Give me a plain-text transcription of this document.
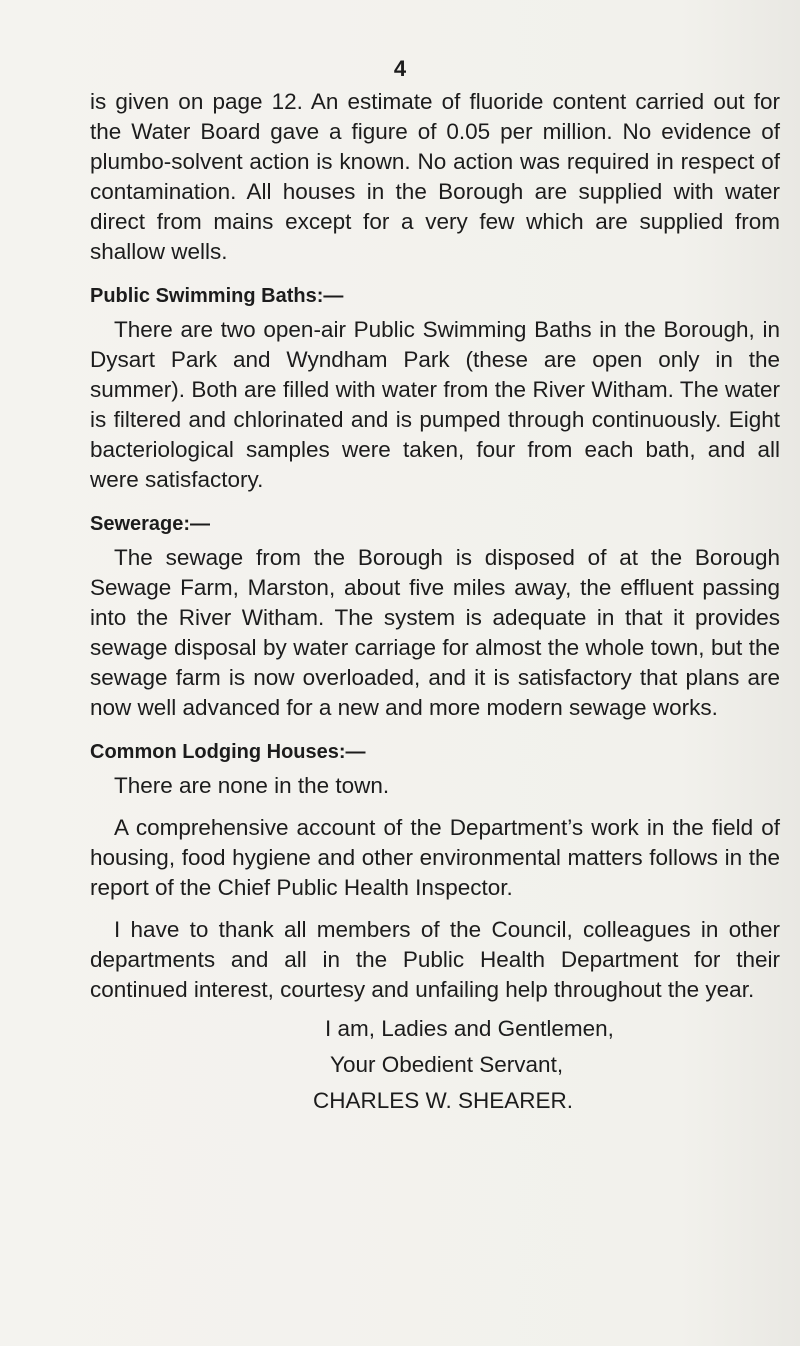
4

is given on page 12. An estimate of fluoride content carried out for the Water Board gave a figure of 0.05 per million. No evidence of plumbo-solvent action is known. No action was required in respect of contamination. All houses in the Borough are supplied with water direct from mains except for a very few which are supplied from shallow wells.

Public Swimming Baths:—

There are two open-air Public Swimming Baths in the Borough, in Dysart Park and Wyndham Park (these are open only in the summer). Both are filled with water from the River Witham. The water is filtered and chlorinated and is pumped through continuously. Eight bacteriological samples were taken, four from each bath, and all were satisfactory.

Sewerage:—

The sewage from the Borough is disposed of at the Borough Sewage Farm, Marston, about five miles away, the effluent passing into the River Witham. The system is adequate in that it provides sewage disposal by water carriage for almost the whole town, but the sewage farm is now overloaded, and it is satisfactory that plans are now well advanced for a new and more modern sewage works.

Common Lodging Houses:—

There are none in the town.

A comprehensive account of the Department’s work in the field of housing, food hygiene and other environmental matters follows in the report of the Chief Public Health Inspector.

I have to thank all members of the Council, colleagues in other departments and all in the Public Health Department for their continued interest, courtesy and unfailing help throughout the year.

I am, Ladies and Gentlemen,

Your Obedient Servant,

CHARLES W. SHEARER.
